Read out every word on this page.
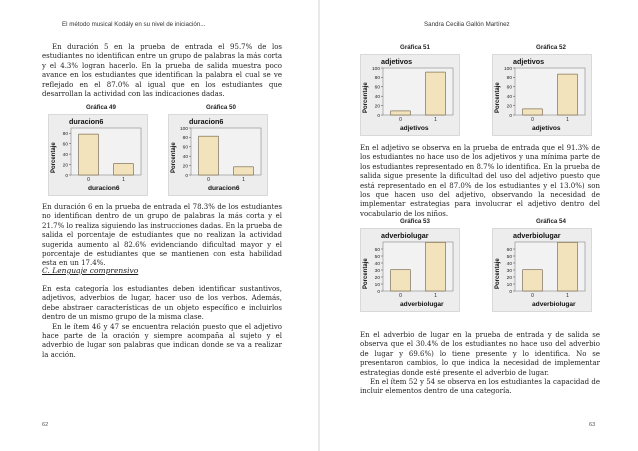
El método musical Kodály en su nivel de iniciación...

En duración 5 en la prueba de entrada el 95.7% de los estudiantes no identifican entre un grupo de palabras la más corta y el 4.3% logran hacerlo. En la prueba de salida muestra poco avance en los estudiantes que identifican la palabra el cual se ve reflejado en el 87.0% al igual que en los estudiantes que desarrollan la actividad con las indicaciones dadas.

Gráfica 49	Gráfica 50
0
20
40
60
80
0	1
duracion6
duracion6
Porcentaje
0
20
40
60
80
100
0	1
duracion6
duracion6
Porcentaje

En duración 6 en la prueba de entrada el 78.3% de los estudiantes no identifican dentro de un grupo de palabras la más corta y el 21.7% lo realiza siguiendo las instrucciones dadas. En la prueba de salida el porcentaje de estudiantes que no realizan la actividad sugerida aumento al 82.6% evidenciando dificultad mayor y el porcentaje de estudiantes que se mantienen con esta habilidad esta en un 17.4%.

C. Lenguaje comprensivo

En esta categoría los estudiantes deben identificar sustantivos, adjetivos, adverbios de lugar, hacer uso de los verbos. Además, debe abstraer características de un objeto específico e incluirlos dentro de un mismo grupo de la misma clase.

En le ítem 46 y 47 se encuentra relación puesto que el adjetivo hace parte de la oración y siempre acompaña al sujeto y el adverbio de lugar son palabras que indican donde se va a realizar la acción.

62
Sandra Cecilia Gallón Martínez
Gráfica 51	Gráfica 52
0
20
40
60
80
100
0	1
adjetivos
adjetivos
Porcentaje
0
20
40
60
80
100
0	1
adjetivos
adjetivos
Porcentaje

En el adjetivo se observa en la prueba de entrada que el 91.3% de los estudiantes no hace uso de los adjetivos y una mínima parte de los estudiantes representado en 8.7% lo identifica. En la prueba de salida sigue presente la dificultad del uso del adjetivo puesto que está representado en el 87.0% de los estudiantes y el 13.0%) son los que hacen uso del adjetivo, observando la necesidad de implementar estrategias para involucrar el adjetivo dentro del vocabulario de los niños.

Gráfica 53	Gráfica 54
0
10
20
30
40
50
60
0	1
adverbiolugar
adverbiolugar
Porcentaje
0
10
20
30
40
50
60
0	1
adverbiolugar
adverbiolugar
Porcentaje

En el adverbio de lugar en la prueba de entrada y de salida se observa que el 30.4% de los estudiantes no hace uso del adverbio de lugar y 69.6%) lo tiene presente y lo identifica. No se presentaron cambios, lo que indica la necesidad de implementar estrategias donde esté presente el adverbio de lugar.

En el ítem 52 y 54 se observa en los estudiantes la capacidad de incluir elementos dentro de una categoría.

63
